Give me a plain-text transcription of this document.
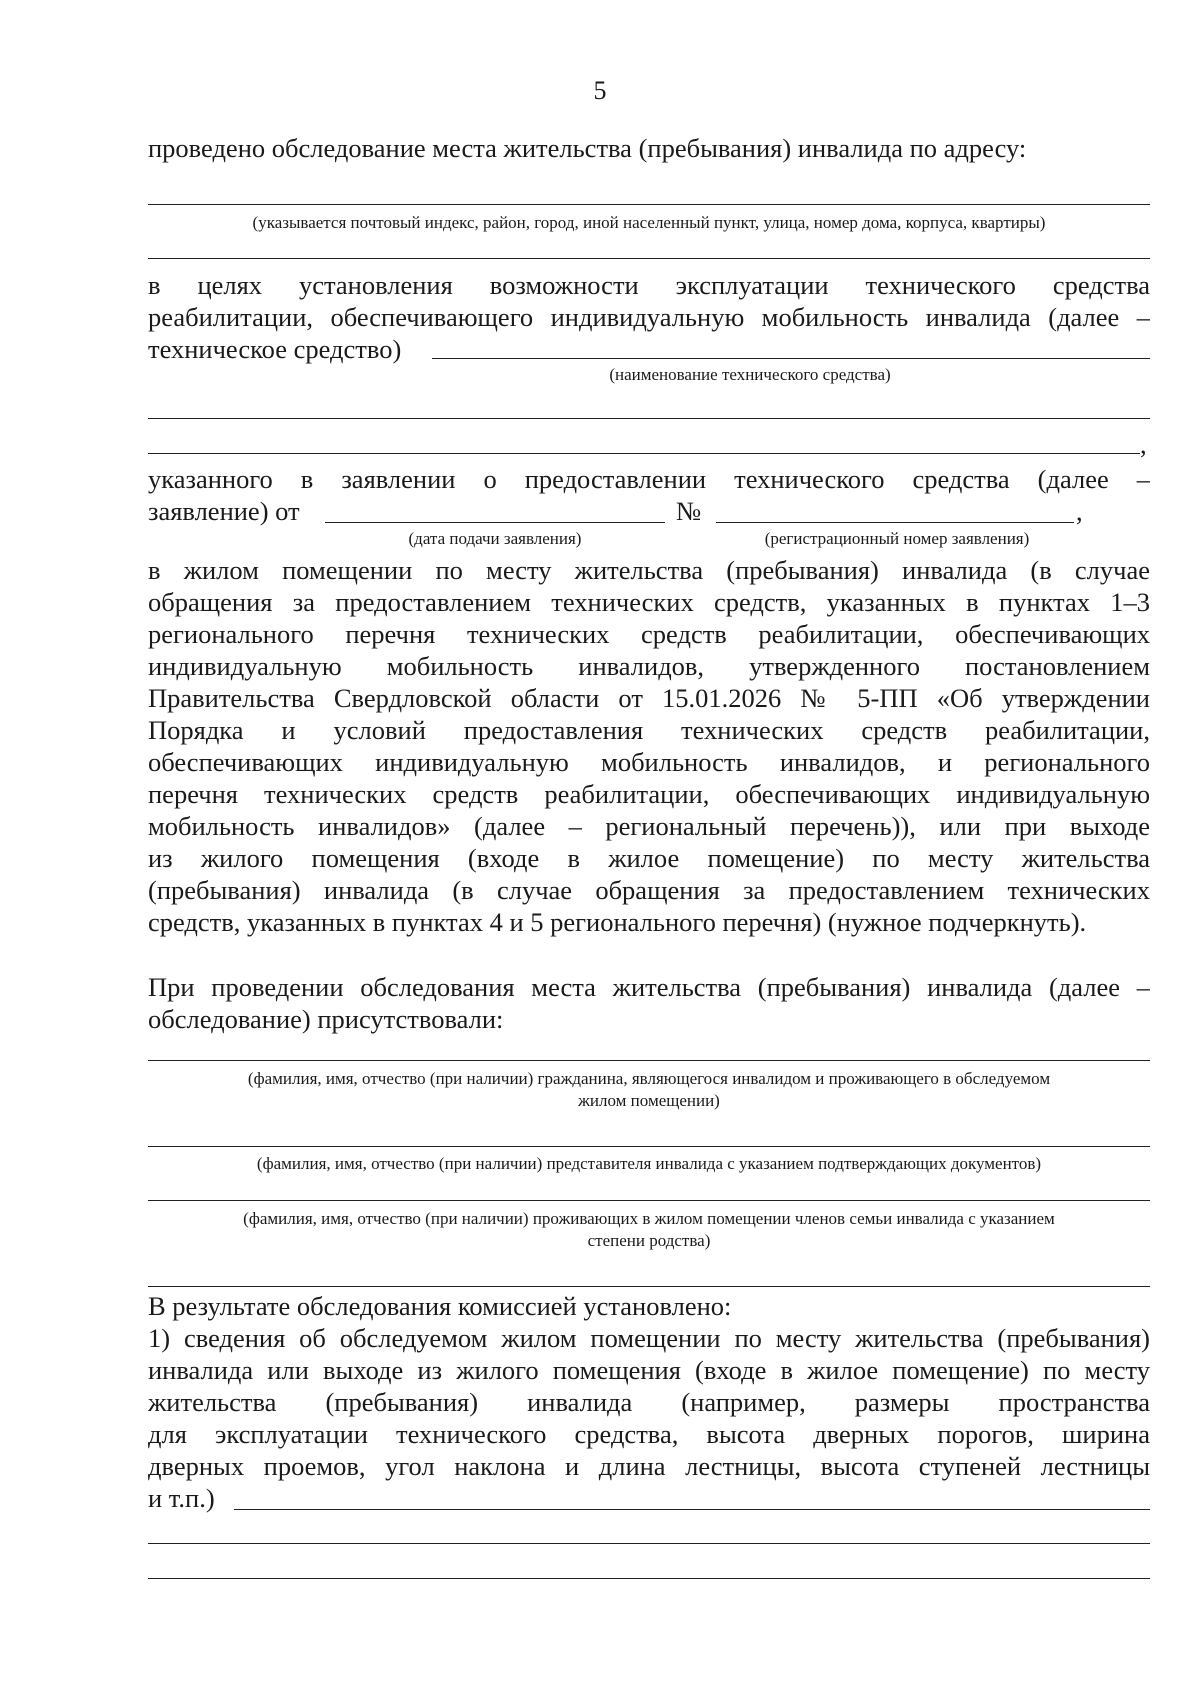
5
проведено обследование места жительства (пребывания) инвалида по адресу:
(указывается почтовый индекс, район, город, иной населенный пункт, улица, номер дома, корпуса, квартиры)
в целях установления возможности эксплуатации технического средства
реабилитации, обеспечивающего индивидуальную мобильность инвалида (далее –
техническое средство)
(наименование технического средства)
,
указанного в заявлении о предоставлении технического средства (далее –
заявление) от	№	,
(дата подачи заявления)	(регистрационный номер заявления)
в жилом помещении по месту жительства (пребывания) инвалида (в случае
обращения за предоставлением технических средств, указанных в пунктах 1–3
регионального перечня технических средств реабилитации, обеспечивающих
индивидуальную мобильность инвалидов, утвержденного постановлением
Правительства Свердловской области от 15.01.2026 № 5-ПП «Об утверждении
Порядка и условий предоставления технических средств реабилитации,
обеспечивающих индивидуальную мобильность инвалидов, и регионального
перечня технических средств реабилитации, обеспечивающих индивидуальную
мобильность инвалидов» (далее – региональный перечень)), или при выходе
из жилого помещения (входе в жилое помещение) по месту жительства
(пребывания) инвалида (в случае обращения за предоставлением технических
средств, указанных в пунктах 4 и 5 регионального перечня) (нужное подчеркнуть).
При проведении обследования места жительства (пребывания) инвалида (далее –
обследование) присутствовали:
(фамилия, имя, отчество (при наличии) гражданина, являющегося инвалидом и проживающего в обследуемом
жилом помещении)
(фамилия, имя, отчество (при наличии) представителя инвалида с указанием подтверждающих документов)
(фамилия, имя, отчество (при наличии) проживающих в жилом помещении членов семьи инвалида с указанием
степени родства)
В результате обследования комиссией установлено:
1) сведения об обследуемом жилом помещении по месту жительства (пребывания)
инвалида или выходе из жилого помещения (входе в жилое помещение) по месту
жительства (пребывания) инвалида (например, размеры пространства
для эксплуатации технического средства, высота дверных порогов, ширина
дверных проемов, угол наклона и длина лестницы, высота ступеней лестницы
и т.п.)
